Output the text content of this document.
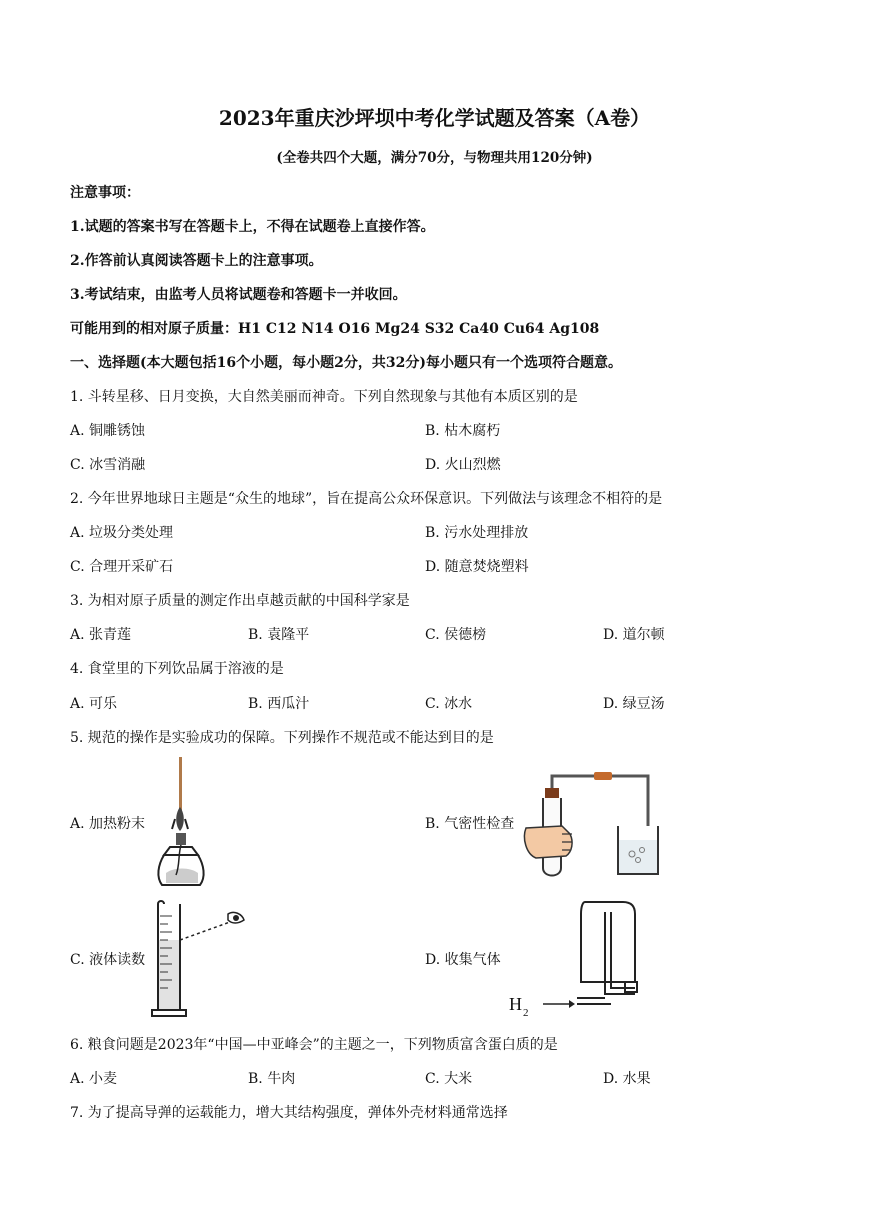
2023年重庆沙坪坝中考化学试题及答案（A卷）
(全卷共四个大题，满分70分，与物理共用120分钟)
注意事项：
1.试题的答案书写在答题卡上，不得在试题卷上直接作答。
2.作答前认真阅读答题卡上的注意事项。
3.考试结束，由监考人员将试题卷和答题卡一并收回。
可能用到的相对原子质量：H1 C12 N14 O16 Mg24 S32 Ca40 Cu64 Ag108
一、选择题(本大题包括16个小题，每小题2分，共32分)每小题只有一个选项符合题意。
1. 斗转星移、日月变换，大自然美丽而神奇。下列自然现象与其他有本质区别的是
A. 铜雕锈蚀	B. 枯木腐朽
C. 冰雪消融	D. 火山烈燃
2. 今年世界地球日主题是“众生的地球”，旨在提高公众环保意识。下列做法与该理念不相符的是
A. 垃圾分类处理	B. 污水处理排放
C. 合理开采矿石	D. 随意焚烧塑料
3. 为相对原子质量的测定作出卓越贡献的中国科学家是
A. 张青莲	B. 袁隆平	C. 侯德榜	D. 道尔顿
4. 食堂里的下列饮品属于溶液的是
A. 可乐	B. 西瓜汁	C. 冰水	D. 绿豆汤
5. 规范的操作是实验成功的保障。下列操作不规范或不能达到目的是
A. 加热粉末	B. 气密性检查
C. 液体读数	D. 收集气体
H 2
6. 粮食问题是2023年“中国—中亚峰会”的主题之一，下列物质富含蛋白质的是
A. 小麦	B. 牛肉	C. 大米	D. 水果
7. 为了提高导弹的运载能力，增大其结构强度，弹体外壳材料通常选择
